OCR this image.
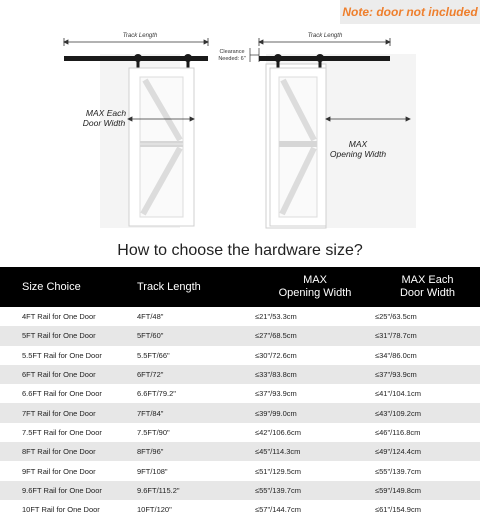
Note: door not included
Track Length
MAX Each
Door Width
Track Length
Clearance
Needed: 6"
MAX
Opening Width
How to choose the hardware size?
Size Choice	Track Length	MAX
Opening Width	MAX Each
Door Width
4FT Rail for One Door	4FT/48"	≤21"/53.3cm	≤25"/63.5cm
5FT Rail for One Door	5FT/60"	≤27"/68.5cm	≤31"/78.7cm
5.5FT Rail for One Door	5.5FT/66"	≤30"/72.6cm	≤34"/86.0cm
6FT Rail for One Door	6FT/72"	≤33"/83.8cm	≤37"/93.9cm
6.6FT Rail for One Door	6.6FT/79.2"	≤37"/93.9cm	≤41"/104.1cm
7FT Rail for One Door	7FT/84"	≤39"/99.0cm	≤43"/109.2cm
7.5FT Rail for One Door	7.5FT/90"	≤42"/106.6cm	≤46"/116.8cm
8FT Rail for One Door	8FT/96"	≤45"/114.3cm	≤49"/124.4cm
9FT Rail for One Door	9FT/108"	≤51"/129.5cm	≤55"/139.7cm
9.6FT Rail for One Door	9.6FT/115.2"	≤55"/139.7cm	≤59"/149.8cm
10FT Rail for One Door	10FT/120"	≤57"/144.7cm	≤61"/154.9cm
